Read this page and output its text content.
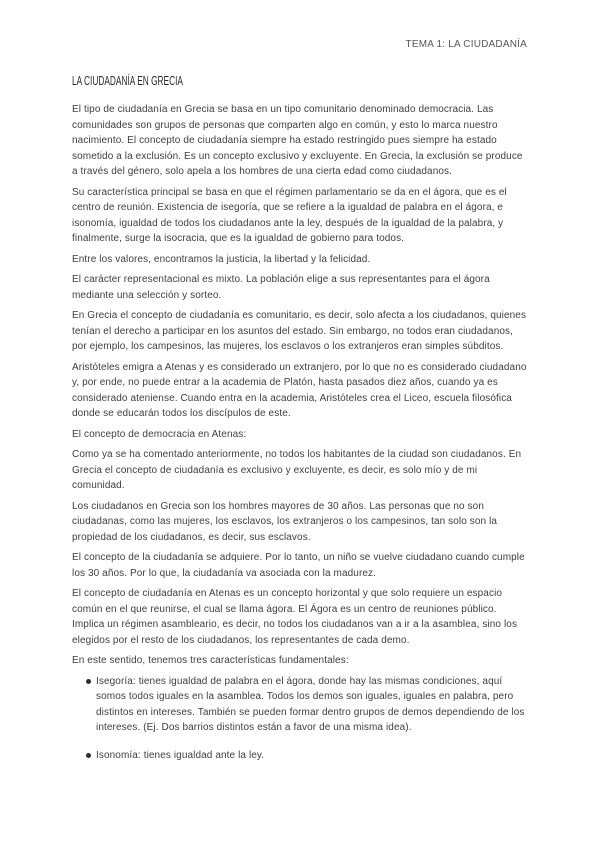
TEMA 1: LA CIUDADANÍA
LA CIUDADANÍA EN GRECIA

El tipo de ciudadanía en Grecia se basa en un tipo comunitario denominado democracia. Las comunidades son grupos de personas que comparten algo en común, y esto lo marca nuestro nacimiento. El concepto de ciudadanía siempre ha estado restringido pues siempre ha estado sometido a la exclusión. Es un concepto exclusivo y excluyente. En Grecia, la exclusión se produce a través del género, solo apela a los hombres de una cierta edad como ciudadanos.

Su característica principal se basa en que el régimen parlamentario se da en el ágora, que es el centro de reunión. Existencia de isegoría, que se refiere a la igualdad de palabra en el ágora, e isonomía, igualdad de todos los ciudadanos ante la ley, después de la igualdad de la palabra, y finalmente, surge la isocracia, que es la igualdad de gobierno para todos.

Entre los valores, encontramos la justicia, la libertad y la felicidad.

El carácter representacional es mixto. La población elige a sus representantes para el ágora mediante una selección y sorteo.

En Grecia el concepto de ciudadanía es comunitario, es decir, solo afecta a los ciudadanos, quienes tenían el derecho a participar en los asuntos del estado. Sin embargo, no todos eran ciudadanos, por ejemplo, los campesinos, las mujeres, los esclavos o los extranjeros eran simples súbditos.

Aristóteles emigra a Atenas y es considerado un extranjero, por lo que no es considerado ciudadano y, por ende, no puede entrar a la academia de Platón, hasta pasados diez años, cuando ya es considerado ateniense. Cuando entra en la academia, Aristóteles crea el Liceo, escuela filosófica donde se educarán todos los discípulos de este.

El concepto de democracia en Atenas:

Como ya se ha comentado anteriormente, no todos los habitantes de la ciudad son ciudadanos. En Grecia el concepto de ciudadanía es exclusivo y excluyente, es decir, es solo mío y de mi comunidad.

Los ciudadanos en Grecia son los hombres mayores de 30 años. Las personas que no son ciudadanas, como las mujeres, los esclavos, los extranjeros o los campesinos, tan solo son la propiedad de los ciudadanos, es decir, sus esclavos.

El concepto de la ciudadanía se adquiere. Por lo tanto, un niño se vuelve ciudadano cuando cumple los 30 años. Por lo que, la ciudadanía va asociada con la madurez.

El concepto de ciudadanía en Atenas es un concepto horizontal y que solo requiere un espacio común en el que reunirse, el cual se llama ágora. El Ágora es un centro de reuniones público. Implica un régimen asambleario, es decir, no todos los ciudadanos van a ir a la asamblea, sino los elegidos por el resto de los ciudadanos, los representantes de cada demo.

En este sentido, tenemos tres características fundamentales:

Isegoría: tienes igualdad de palabra en el ágora, donde hay las mismas condiciones, aquí somos todos iguales en la asamblea. Todos los demos son iguales, iguales en palabra, pero distintos en intereses. También se pueden formar dentro grupos de demos dependiendo de los intereses. (Ej. Dos barrios distintos están a favor de una misma idea).
Isonomía: tienes igualdad ante la ley.
